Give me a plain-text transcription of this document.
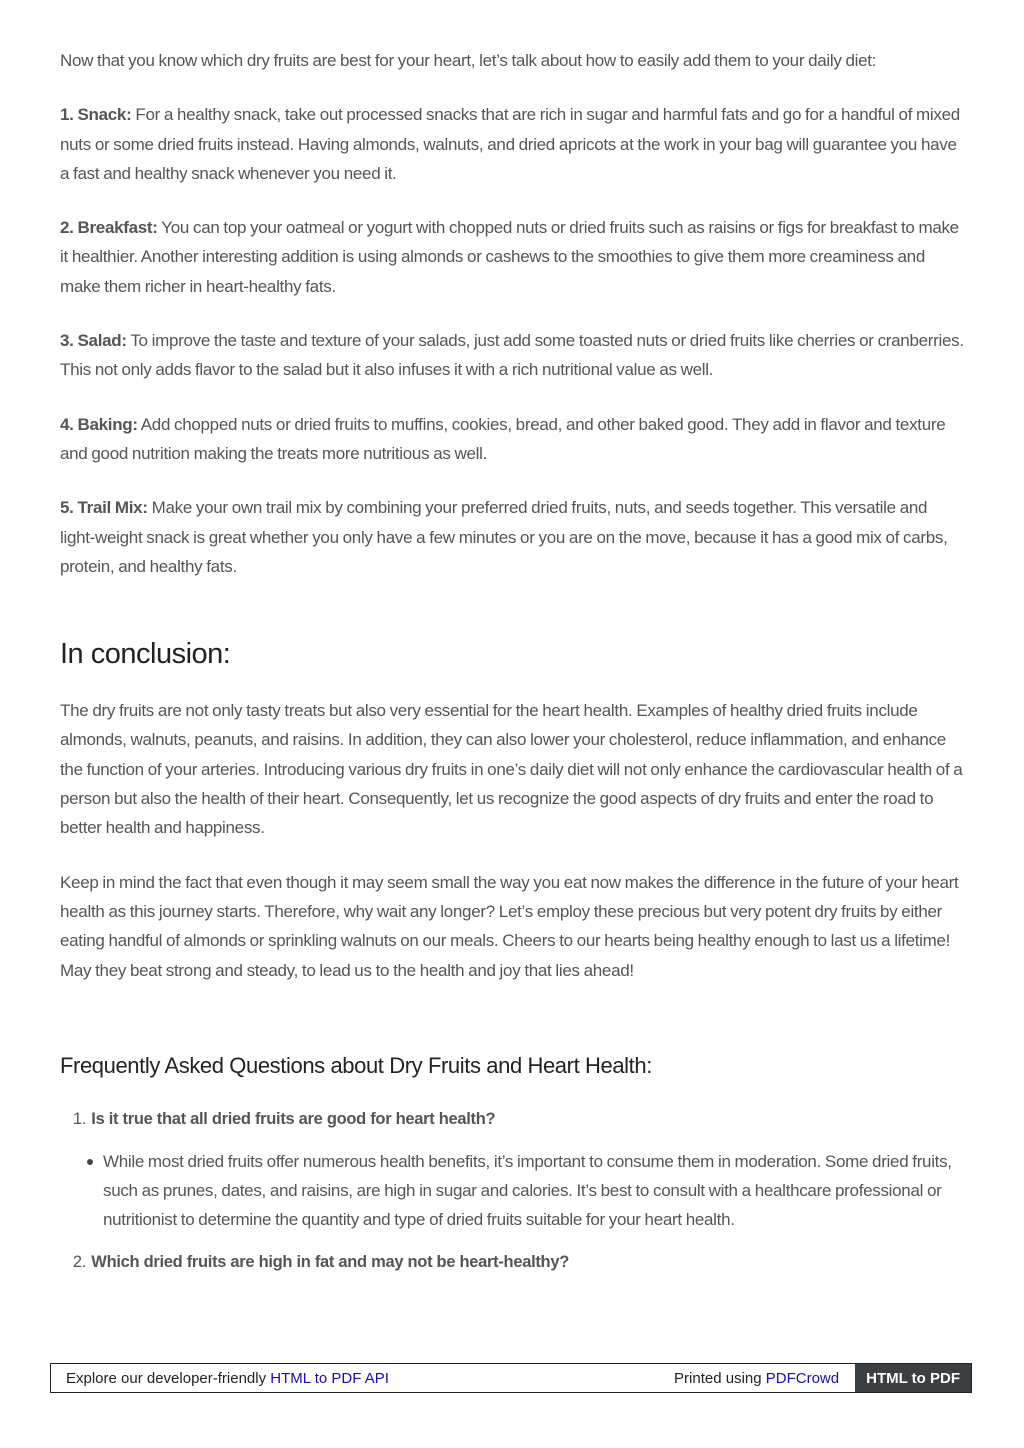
Now that you know which dry fruits are best for your heart, let’s talk about how to easily add them to your daily diet:

1. Snack: For a healthy snack, take out processed snacks that are rich in sugar and harmful fats and go for a handful of mixed nuts or some dried fruits instead. Having almonds, walnuts, and dried apricots at the work in your bag will guarantee you have a fast and healthy snack whenever you need it.

2. Breakfast: You can top your oatmeal or yogurt with chopped nuts or dried fruits such as raisins or figs for breakfast to make it healthier. Another interesting addition is using almonds or cashews to the smoothies to give them more creaminess and make them richer in heart-healthy fats.

3. Salad: To improve the taste and texture of your salads, just add some toasted nuts or dried fruits like cherries or cranberries. This not only adds flavor to the salad but it also infuses it with a rich nutritional value as well.

4. Baking: Add chopped nuts or dried fruits to muffins, cookies, bread, and other baked good. They add in flavor and texture and good nutrition making the treats more nutritious as well.

5. Trail Mix: Make your own trail mix by combining your preferred dried fruits, nuts, and seeds together. This versatile and light-weight snack is great whether you only have a few minutes or you are on the move, because it has a good mix of carbs, protein, and healthy fats.

In conclusion:

The dry fruits are not only tasty treats but also very essential for the heart health. Examples of healthy dried fruits include almonds, walnuts, peanuts, and raisins. In addition, they can also lower your cholesterol, reduce inflammation, and enhance the function of your arteries. Introducing various dry fruits in one’s daily diet will not only enhance the cardiovascular health of a person but also the health of their heart. Consequently, let us recognize the good aspects of dry fruits and enter the road to better health and happiness.

Keep in mind the fact that even though it may seem small the way you eat now makes the difference in the future of your heart health as this journey starts. Therefore, why wait any longer? Let’s employ these precious but very potent dry fruits by either eating handful of almonds or sprinkling walnuts on our meals. Cheers to our hearts being healthy enough to last us a lifetime! May they beat strong and steady, to lead us to the health and joy that lies ahead!

Frequently Asked Questions about Dry Fruits and Heart Health:
1. Is it true that all dried fruits are good for heart health?
While most dried fruits offer numerous health benefits, it’s important to consume them in moderation. Some dried fruits, such as prunes, dates, and raisins, are high in sugar and calories. It’s best to consult with a healthcare professional or nutritionist to determine the quantity and type of dried fruits suitable for your heart health.
2. Which dried fruits are high in fat and may not be heart-healthy?
Explore our developer-friendly HTML to PDF API	Printed using PDFCrowd	HTML to PDF
